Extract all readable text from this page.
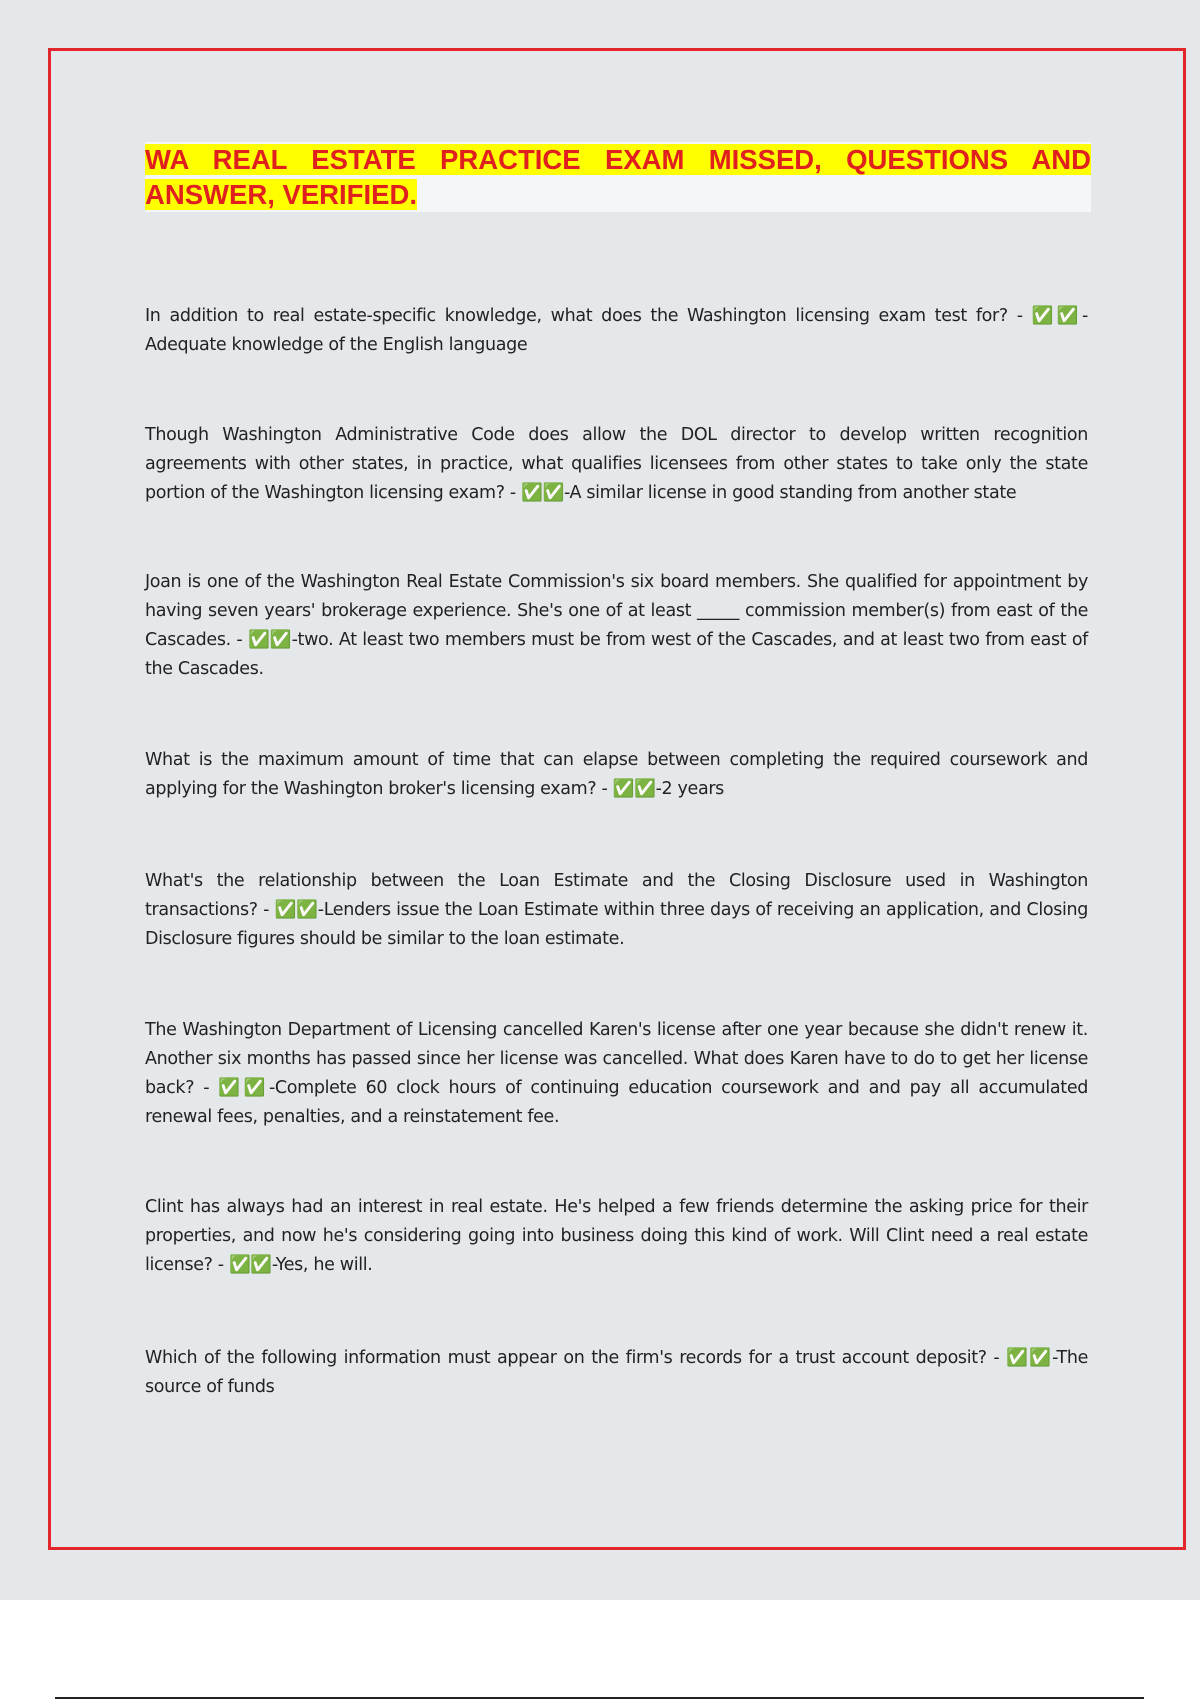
WA REAL ESTATE PRACTICE EXAM MISSED, QUESTIONS AND ANSWER, VERIFIED.

In addition to real estate-specific knowledge, what does the Washington licensing exam test for? - ✅✅-Adequate knowledge of the English language

Though Washington Administrative Code does allow the DOL director to develop written recognition agreements with other states, in practice, what qualifies licensees from other states to take only the state portion of the Washington licensing exam? - ✅✅-A similar license in good standing from another state

Joan is one of the Washington Real Estate Commission's six board members. She qualified for appointment by having seven years' brokerage experience. She's one of at least _____ commission member(s) from east of the Cascades. - ✅✅-two. At least two members must be from west of the Cascades, and at least two from east of the Cascades.

What is the maximum amount of time that can elapse between completing the required coursework and applying for the Washington broker's licensing exam? - ✅✅-2 years

What's the relationship between the Loan Estimate and the Closing Disclosure used in Washington transactions? - ✅✅-Lenders issue the Loan Estimate within three days of receiving an application, and Closing Disclosure figures should be similar to the loan estimate.

The Washington Department of Licensing cancelled Karen's license after one year because she didn't renew it. Another six months has passed since her license was cancelled. What does Karen have to do to get her license back? - ✅✅-Complete 60 clock hours of continuing education coursework and and pay all accumulated renewal fees, penalties, and a reinstatement fee.

Clint has always had an interest in real estate. He's helped a few friends determine the asking price for their properties, and now he's considering going into business doing this kind of work. Will Clint need a real estate license? - ✅✅-Yes, he will.

Which of the following information must appear on the firm's records for a trust account deposit? - ✅✅-The source of funds
